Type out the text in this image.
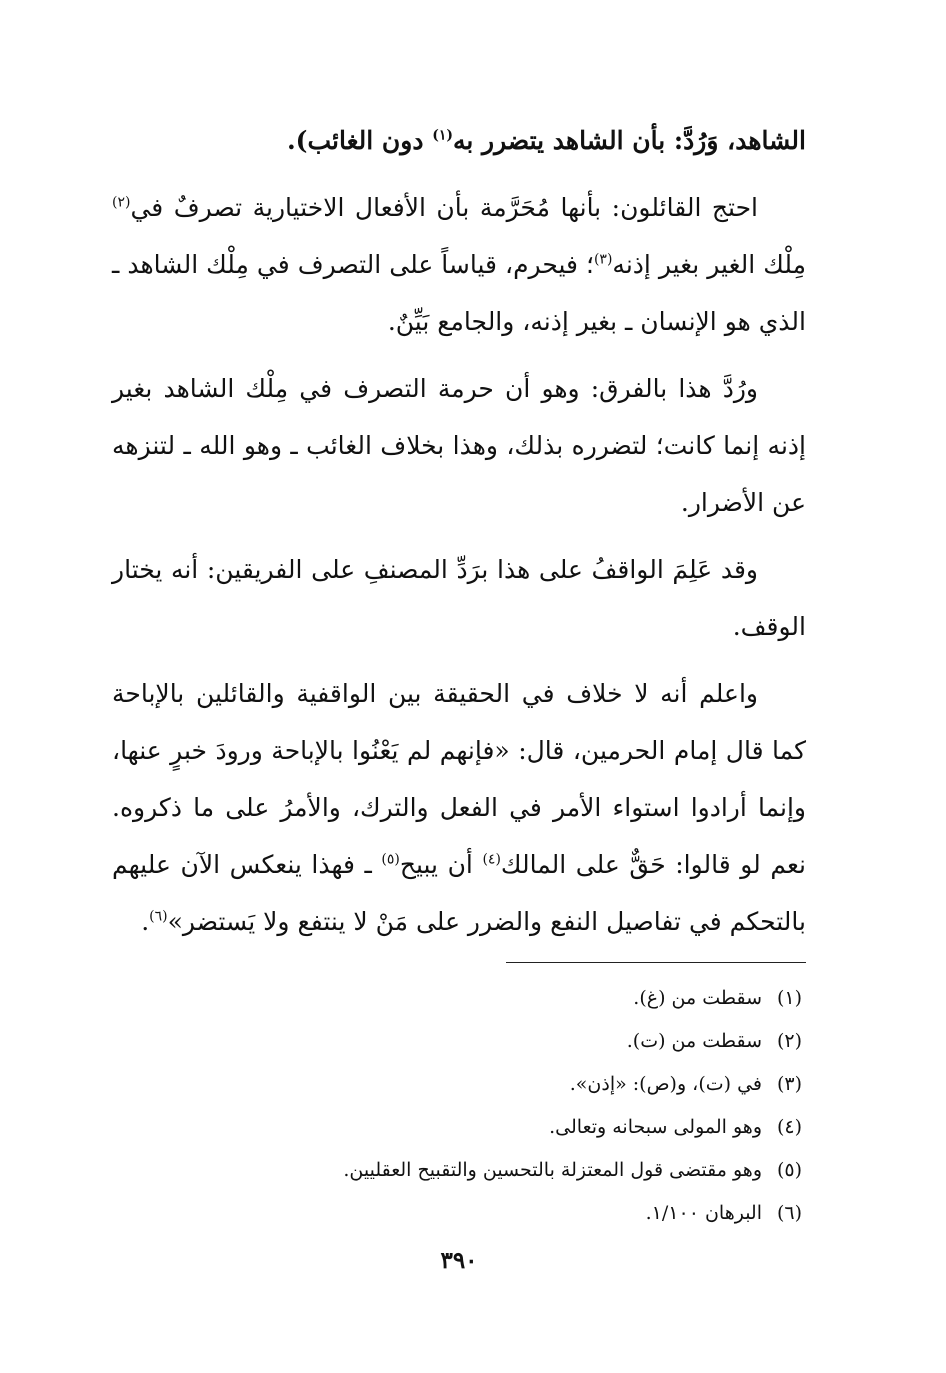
الشاهد، وَرُدَّ: بأن الشاهد يتضرر به$^{(١)}$ دون الغائب).

احتج القائلون: بأنها مُحَرَّمة بأن الأفعال الاختيارية تصرفٌ في$^{(٢)}$ مِلْك الغير بغير إذنه$^{(٣)}$؛ فيحرم، قياساً على التصرف في مِلْك الشاهد ـ الذي هو الإنسان ـ بغير إذنه، والجامع بَيِّنٌ.

ورُدَّ هذا بالفرق: وهو أن حرمة التصرف في مِلْك الشاهد بغير إذنه إنما كانت؛ لتضرره بذلك، وهذا بخلاف الغائب ـ وهو الله ـ لتنزهه عن الأضرار.

وقد عَلِمَ الواقفُ على هذا برَدِّ المصنفِ على الفريقين: أنه يختار الوقف.

واعلم أنه لا خلاف في الحقيقة بين الواقفية والقائلين بالإباحة كما قال إمام الحرمين، قال: «فإنهم لم يَعْنُوا بالإباحة ورودَ خبرٍ عنها، وإنما أرادوا استواء الأمر في الفعل والترك، والأمرُ على ما ذكروه. نعم لو قالوا: حَقٌّ على المالك$^{(٤)}$ أن يبيح$^{(٥)}$ ـ فهذا ينعكس الآن عليهم بالتحكم في تفاصيل النفع والضرر على مَنْ لا ينتفع ولا يَستضر»$^{(٦)}$.

(١)سقطت من (غ).
(٢)سقطت من (ت).
(٣)في (ت)، و(ص): «إذن».
(٤)وهو المولى سبحانه وتعالى.
(٥)وهو مقتضى قول المعتزلة بالتحسين والتقبيح العقليين.
(٦)البرهان ١/١٠٠.
٣٩٠
